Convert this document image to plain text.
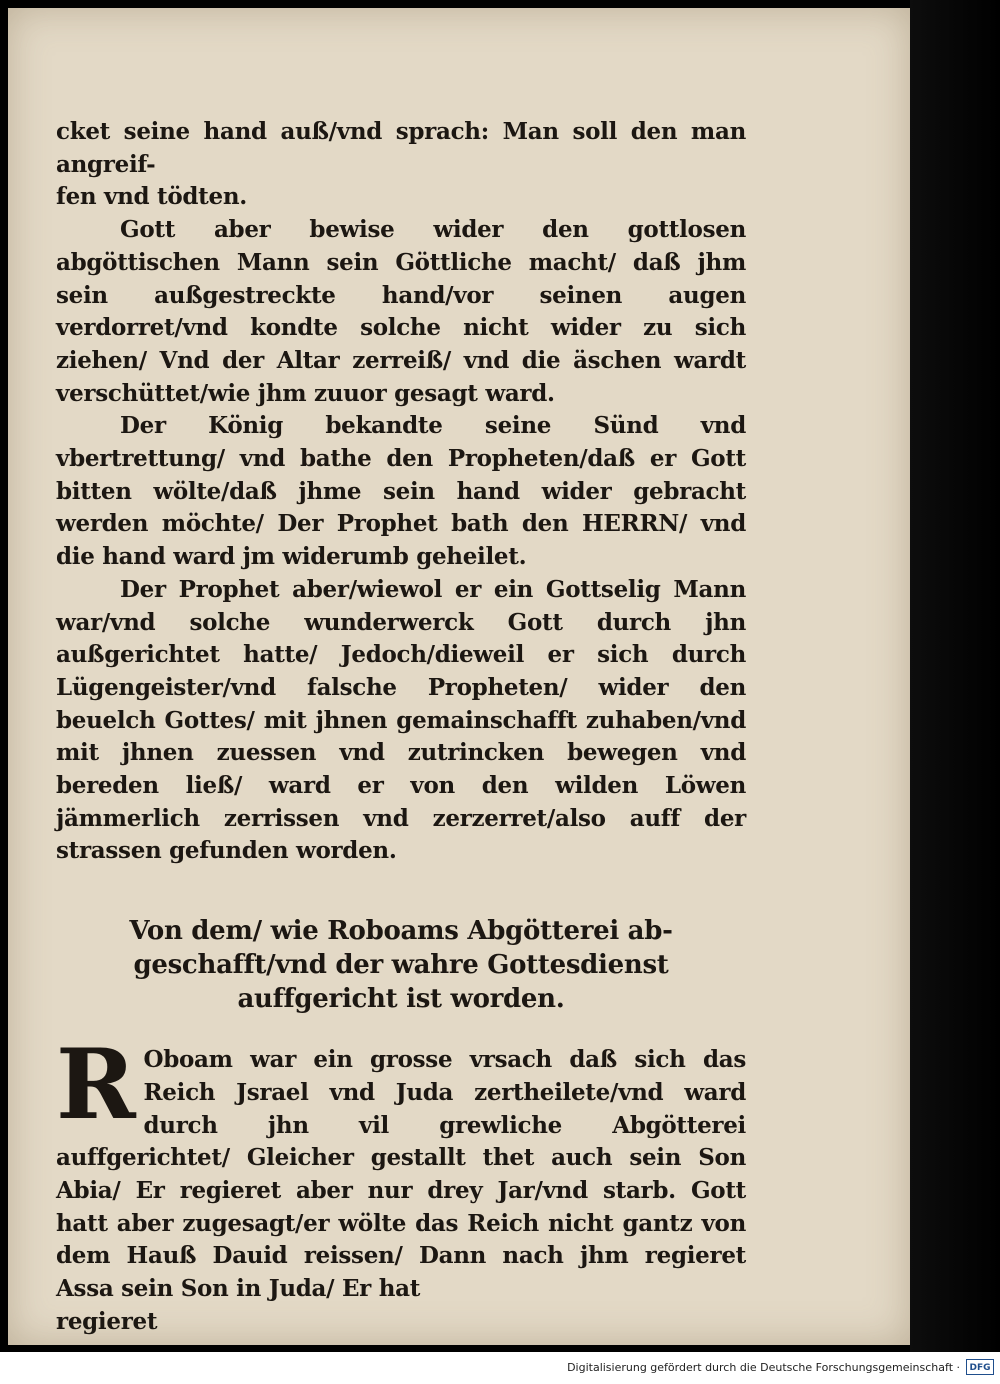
cket seine hand auß/vnd sprach: Man soll den man angreif-
fen vnd tödten.

Gott aber bewise wider den gottlosen abgöttischen Mann sein Göttliche macht/ daß jhm sein außgestreckte hand/vor seinen augen verdorret/vnd kondte solche nicht wider zu sich ziehen/ Vnd der Altar zerreiß/ vnd die äschen wardt verschüttet/wie jhm zuuor gesagt ward.

Der König bekandte seine Sünd vnd vbertrettung/ vnd bathe den Propheten/daß er Gott bitten wölte/daß jhme sein hand wider gebracht werden möchte/ Der Prophet bath den HERRN/ vnd die hand ward jm widerumb geheilet.

Der Prophet aber/wiewol er ein Gottselig Mann war/vnd solche wunderwerck Gott durch jhn außgerichtet hatte/ Jedoch/dieweil er sich durch Lügengeister/vnd falsche Propheten/ wider den beuelch Gottes/ mit jhnen gemainschafft zuhaben/vnd mit jhnen zuessen vnd zutrincken bewegen vnd bereden ließ/ ward er von den wilden Löwen jämmerlich zerrissen vnd zerzerret/also auff der strassen gefunden worden.

Von dem/ wie Roboams Abgötterei ab-
geschafft/vnd der wahre Gottesdienst
auffgericht ist worden.

R Oboam war ein grosse vrsach daß sich das Reich Jsrael vnd Juda zertheilete/vnd ward durch jhn vil grewliche Abgötterei auffgerichtet/ Gleicher gestallt thet auch sein Son Abia/ Er regieret aber nur drey Jar/vnd starb. Gott hatt aber zugesagt/er wölte das Reich nicht gantz von dem Hauß Dauid reissen/ Dann nach jhm regieret Assa sein Son in Juda/ Er hat

regieret

Digitalisierung gefördert durch die Deutsche Forschungsgemeinschaft ·	DFG
